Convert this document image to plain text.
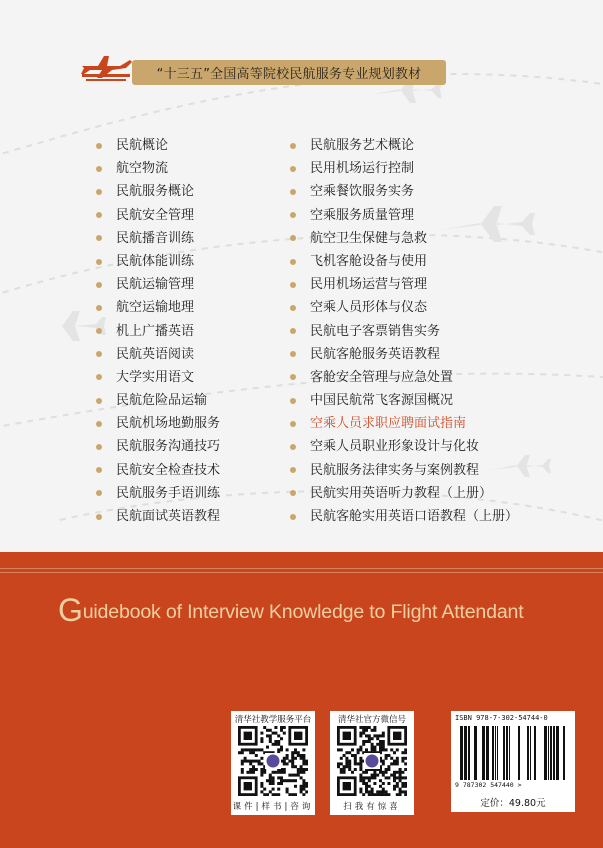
“十三五”全国高等院校民航服务专业规划教材
民航概论
航空物流
民航服务概论
民航安全管理
民航播音训练
民航体能训练
民航运输管理
航空运输地理
机上广播英语
民航英语阅读
大学实用语文
民航危险品运输
民航机场地勤服务
民航服务沟通技巧
民航安全检查技术
民航服务手语训练
民航面试英语教程
民航服务艺术概论
民用机场运行控制
空乘餐饮服务实务
空乘服务质量管理
航空卫生保健与急救
飞机客舱设备与使用
民用机场运营与管理
空乘人员形体与仪态
民航电子客票销售实务
民航客舱服务英语教程
客舱安全管理与应急处置
中国民航常飞客源国概况
空乘人员求职应聘面试指南
空乘人员职业形象设计与化妆
民航服务法律实务与案例教程
民航实用英语听力教程（上册）
民航客舱实用英语口语教程（上册）
Guidebook of Interview Knowledge to Flight Attendant
清华社教学服务平台
课件|样书|咨询
清华社官方微信号
扫我有惊喜
ISBN 978-7-302-54744-0
9 787302 547440 >
定价：49.80元
